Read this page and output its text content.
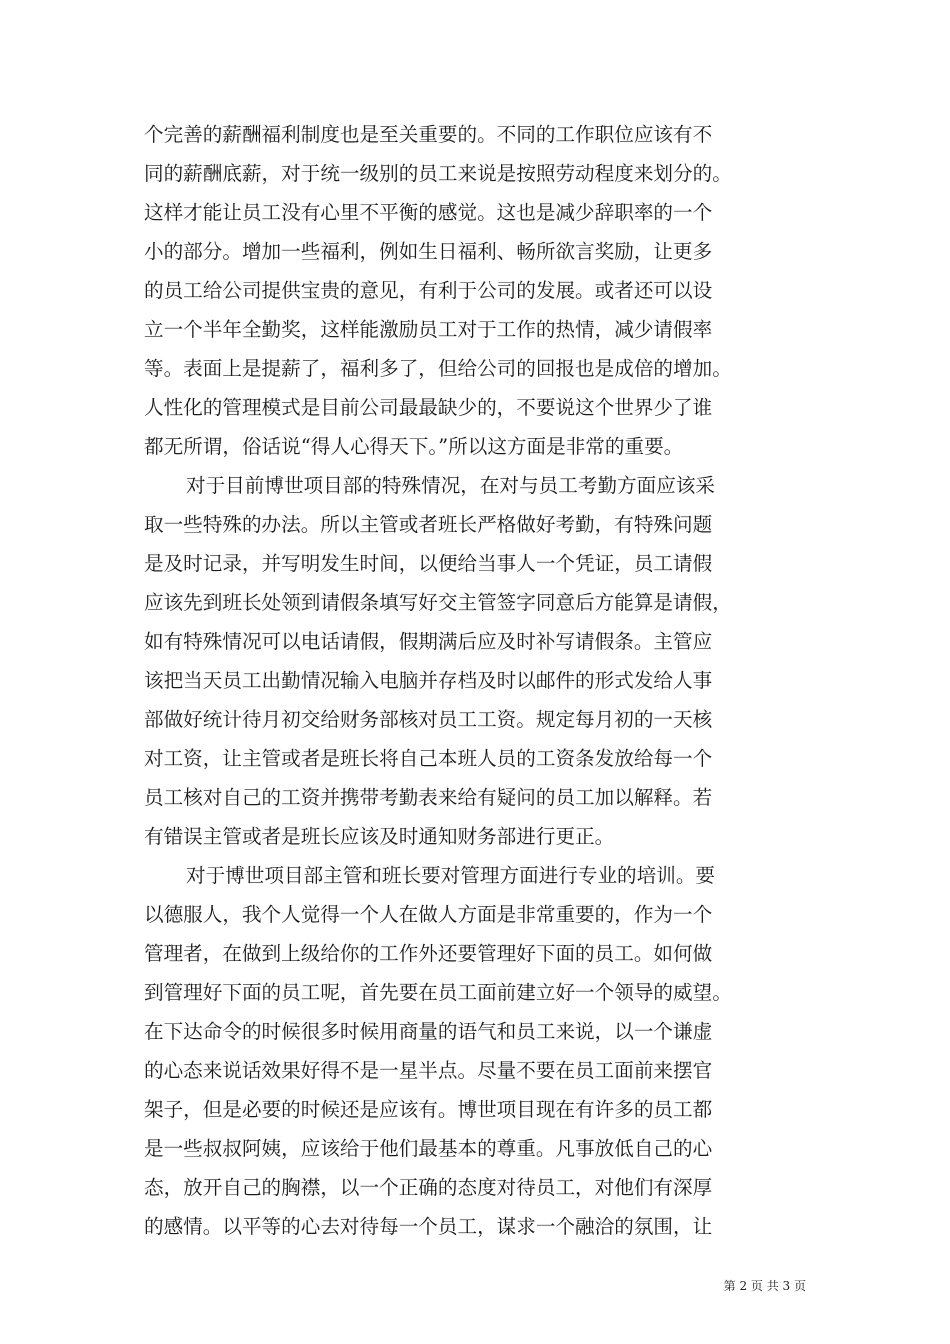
个完善的薪酬福利制度也是至关重要的。不同的工作职位应该有不
同的薪酬底薪，对于统一级别的员工来说是按照劳动程度来划分的。
这样才能让员工没有心里不平衡的感觉。这也是减少辞职率的一个
小的部分。增加一些福利，例如生日福利、畅所欲言奖励，让更多
的员工给公司提供宝贵的意见，有利于公司的发展。或者还可以设
立一个半年全勤奖，这样能激励员工对于工作的热情，减少请假率
等。表面上是提薪了，福利多了，但给公司的回报也是成倍的增加。
人性化的管理模式是目前公司最最缺少的，不要说这个世界少了谁
都无所谓，俗话说“得人心得天下。”所以这方面是非常的重要。
对于目前博世项目部的特殊情况，在对与员工考勤方面应该采
取一些特殊的办法。所以主管或者班长严格做好考勤，有特殊问题
是及时记录，并写明发生时间，以便给当事人一个凭证，员工请假
应该先到班长处领到请假条填写好交主管签字同意后方能算是请假，
如有特殊情况可以电话请假，假期满后应及时补写请假条。主管应
该把当天员工出勤情况输入电脑并存档及时以邮件的形式发给人事
部做好统计待月初交给财务部核对员工工资。规定每月初的一天核
对工资，让主管或者是班长将自己本班人员的工资条发放给每一个
员工核对自己的工资并携带考勤表来给有疑问的员工加以解释。若
有错误主管或者是班长应该及时通知财务部进行更正。
对于博世项目部主管和班长要对管理方面进行专业的培训。要
以德服人，我个人觉得一个人在做人方面是非常重要的，作为一个
管理者，在做到上级给你的工作外还要管理好下面的员工。如何做
到管理好下面的员工呢，首先要在员工面前建立好一个领导的威望。
在下达命令的时候很多时候用商量的语气和员工来说，以一个谦虚
的心态来说话效果好得不是一星半点。尽量不要在员工面前来摆官
架子，但是必要的时候还是应该有。博世项目现在有许多的员工都
是一些叔叔阿姨，应该给于他们最基本的尊重。凡事放低自己的心
态，放开自己的胸襟，以一个正确的态度对待员工，对他们有深厚
的感情。以平等的心去对待每一个员工，谋求一个融洽的氛围，让
第 2 页 共 3 页
